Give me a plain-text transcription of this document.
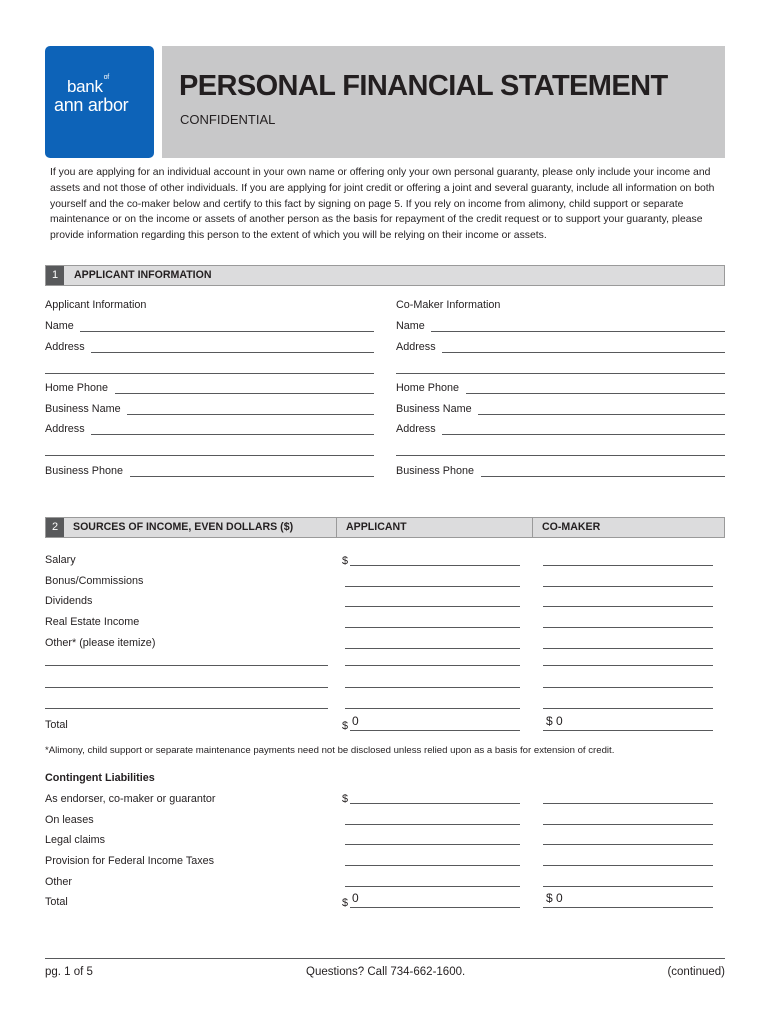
bank$^{of}$
ann arbor
PERSONAL FINANCIAL STATEMENT
CONFIDENTIAL
If you are applying for an individual account in your own name or offering only your own personal guaranty, please only include your income and assets and not those of other individuals. If you are applying for joint credit or offering a joint and several guaranty, include all information on both yourself and the co-maker below and certify to this fact by signing on page 5. If you rely on income from alimony, child support or separate maintenance or on the income or assets of another person as the basis for repayment of the credit request or to support your guaranty, please provide information regarding this person to the extent of which you will be relying on their income or assets.
1	APPLICANT INFORMATION
Applicant Information	Co-Maker Information
Name	Name
Address	Address
Home Phone	Home Phone
Business Name	Business Name
Address	Address
Business Phone	Business Phone
2	SOURCES OF INCOME, EVEN DOLLARS ($)	APPLICANT	CO-MAKER
Salary	$
Bonus/Commissions
Dividends
Real Estate Income
Other* (please itemize)
Total	$ 0	$ 0
*Alimony, child support or separate maintenance payments need not be disclosed unless relied upon as a basis for extension of credit.
Contingent Liabilities
As endorser, co-maker or guarantor	$
On leases
Legal claims
Provision for Federal Income Taxes
Other
Total	$ 0	$ 0
pg. 1 of 5	Questions? Call 734-662-1600.	(continued)
